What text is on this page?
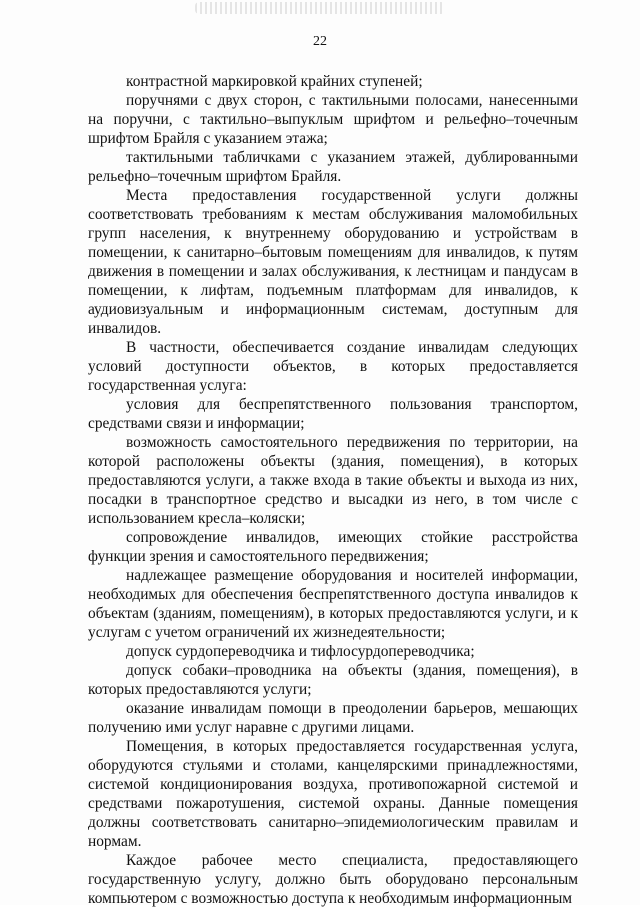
22

контрастной маркировкой крайних ступеней;

поручнями с двух сторон, с тактильными полосами, нанесенными на поручни, с тактильно–выпуклым шрифтом и рельефно–точечным шрифтом Брайля с указанием этажа;

тактильными табличками с указанием этажей, дублированными рельефно–точечным шрифтом Брайля.

Места предоставления государственной услуги должны соответствовать требованиям к местам обслуживания маломобильных групп населения, к внутреннему оборудованию и устройствам в помещении, к санитарно–бытовым помещениям для инвалидов, к путям движения в помещении и залах обслуживания, к лестницам и пандусам в помещении, к лифтам, подъемным платформам для инвалидов, к аудиовизуальным и информационным системам, доступным для инвалидов.

В частности, обеспечивается создание инвалидам следующих условий доступности объектов, в которых предоставляется государственная услуга:

условия для беспрепятственного пользования транспортом, средствами связи и информации;

возможность самостоятельного передвижения по территории, на которой расположены объекты (здания, помещения), в которых предоставляются услуги, а также входа в такие объекты и выхода из них, посадки в транспортное средство и высадки из него, в том числе с использованием кресла–коляски;

сопровождение инвалидов, имеющих стойкие расстройства функции зрения и самостоятельного передвижения;

надлежащее размещение оборудования и носителей информации, необходимых для обеспечения беспрепятственного доступа инвалидов к объектам (зданиям, помещениям), в которых предоставляются услуги, и к услугам с учетом ограничений их жизнедеятельности;

допуск сурдопереводчика и тифлосурдопереводчика;

допуск собаки–проводника на объекты (здания, помещения), в которых предоставляются услуги;

оказание инвалидам помощи в преодолении барьеров, мешающих получению ими услуг наравне с другими лицами.

Помещения, в которых предоставляется государственная услуга, оборудуются стульями и столами, канцелярскими принадлежностями, системой кондиционирования воздуха, противопожарной системой и средствами пожаротушения, системой охраны. Данные помещения должны соответствовать санитарно–эпидемиологическим правилам и нормам.

Каждое рабочее место специалиста, предоставляющего государственную услугу, должно быть оборудовано персональным компьютером с возможностью доступа к необходимым информационным
